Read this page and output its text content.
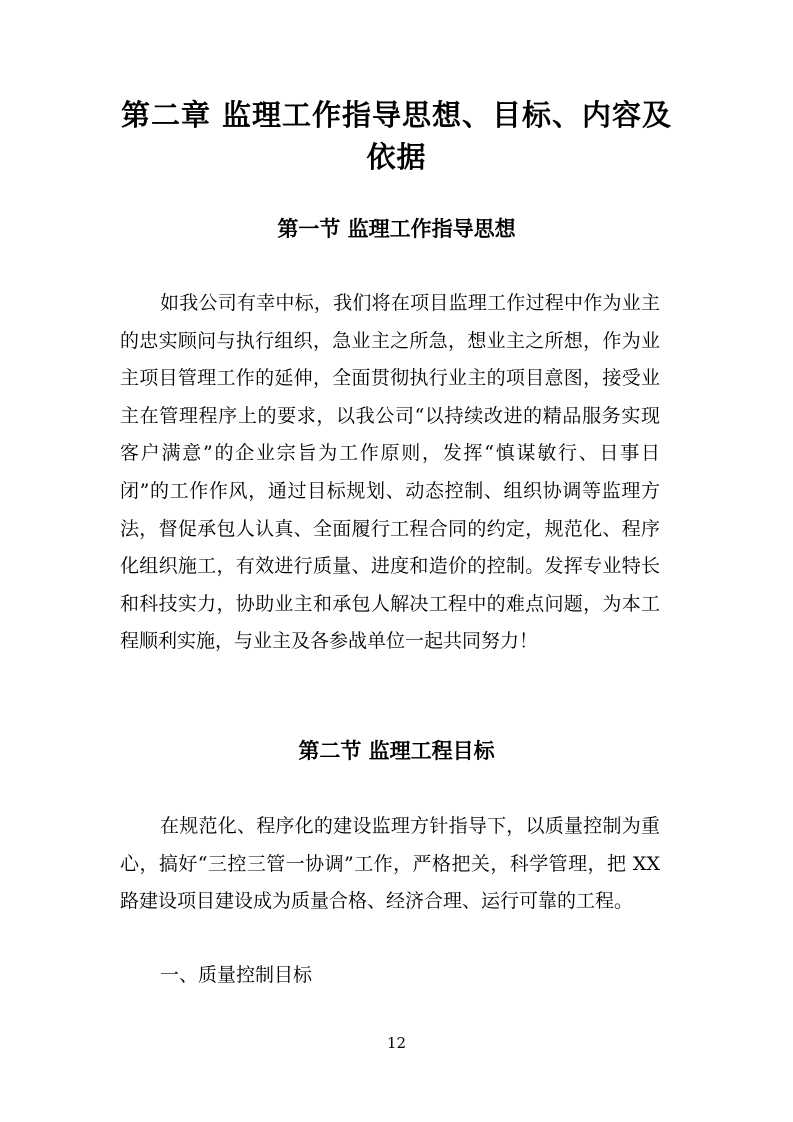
第二章 监理工作指导思想、目标、内容及
依据
第一节 监理工作指导思想

如我公司有幸中标，我们将在项目监理工作过程中作为业主的忠实顾问与执行组织，急业主之所急，想业主之所想，作为业主项目管理工作的延伸，全面贯彻执行业主的项目意图，接受业主在管理程序上的要求，以我公司“以持续改进的精品服务实现客户满意”的企业宗旨为工作原则，发挥“慎谋敏行、日事日闭”的工作作风，通过目标规划、动态控制、组织协调等监理方法，督促承包人认真、全面履行工程合同的约定，规范化、程序化组织施工，有效进行质量、进度和造价的控制。发挥专业特长和科技实力，协助业主和承包人解决工程中的难点问题，为本工程顺利实施，与业主及各参战单位一起共同努力！

第二节 监理工程目标

在规范化、程序化的建设监理方针指导下，以质量控制为重心，搞好“三控三管一协调”工作，严格把关，科学管理，把 XX 路建设项目建设成为质量合格、经济合理、运行可靠的工程。

一、质量控制目标

12
